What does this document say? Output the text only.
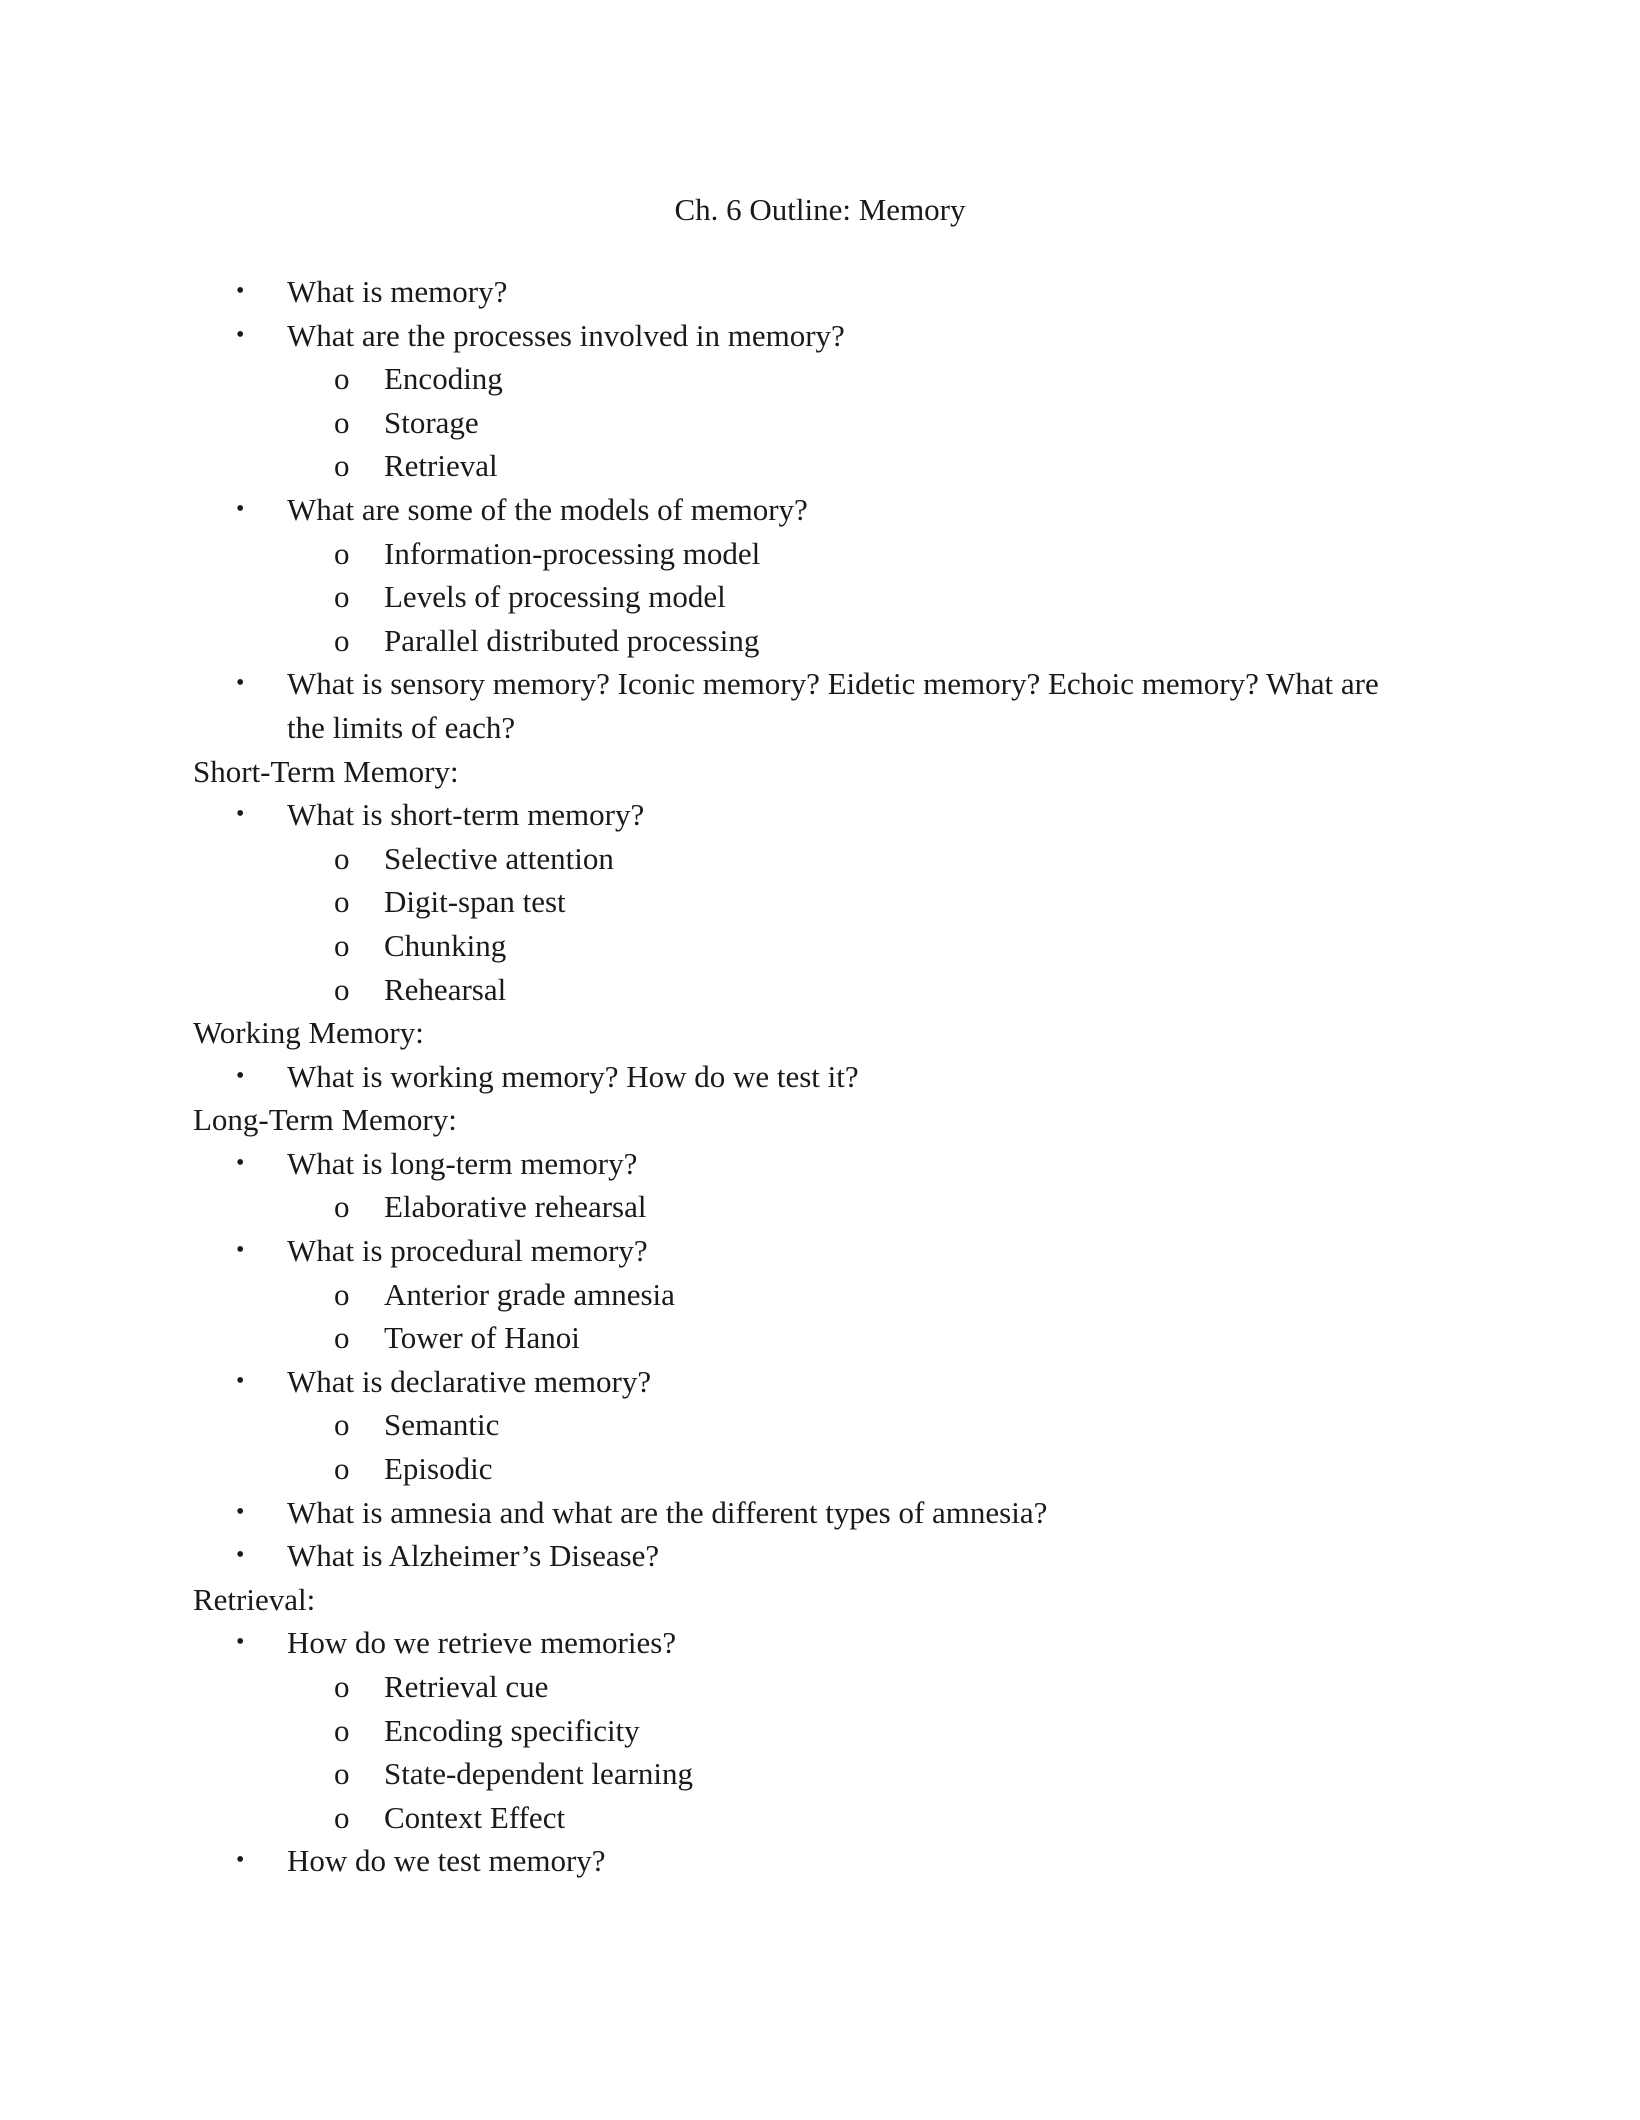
Ch. 6 Outline: Memory
• What is memory?
• What are the processes involved in memory?
o Encoding
o Storage
o Retrieval
• What are some of the models of memory?
o Information-processing model
o Levels of processing model
o Parallel distributed processing
• What is sensory memory? Iconic memory? Eidetic memory? Echoic memory? What are the limits of each?
Short-Term Memory:
• What is short-term memory?
o Selective attention
o Digit-span test
o Chunking
o Rehearsal
Working Memory:
• What is working memory? How do we test it?
Long-Term Memory:
• What is long-term memory?
o Elaborative rehearsal
• What is procedural memory?
o Anterior grade amnesia
o Tower of Hanoi
• What is declarative memory?
o Semantic
o Episodic
• What is amnesia and what are the different types of amnesia?
• What is Alzheimer’s Disease?
Retrieval:
• How do we retrieve memories?
o Retrieval cue
o Encoding specificity
o State-dependent learning
o Context Effect
• How do we test memory?
